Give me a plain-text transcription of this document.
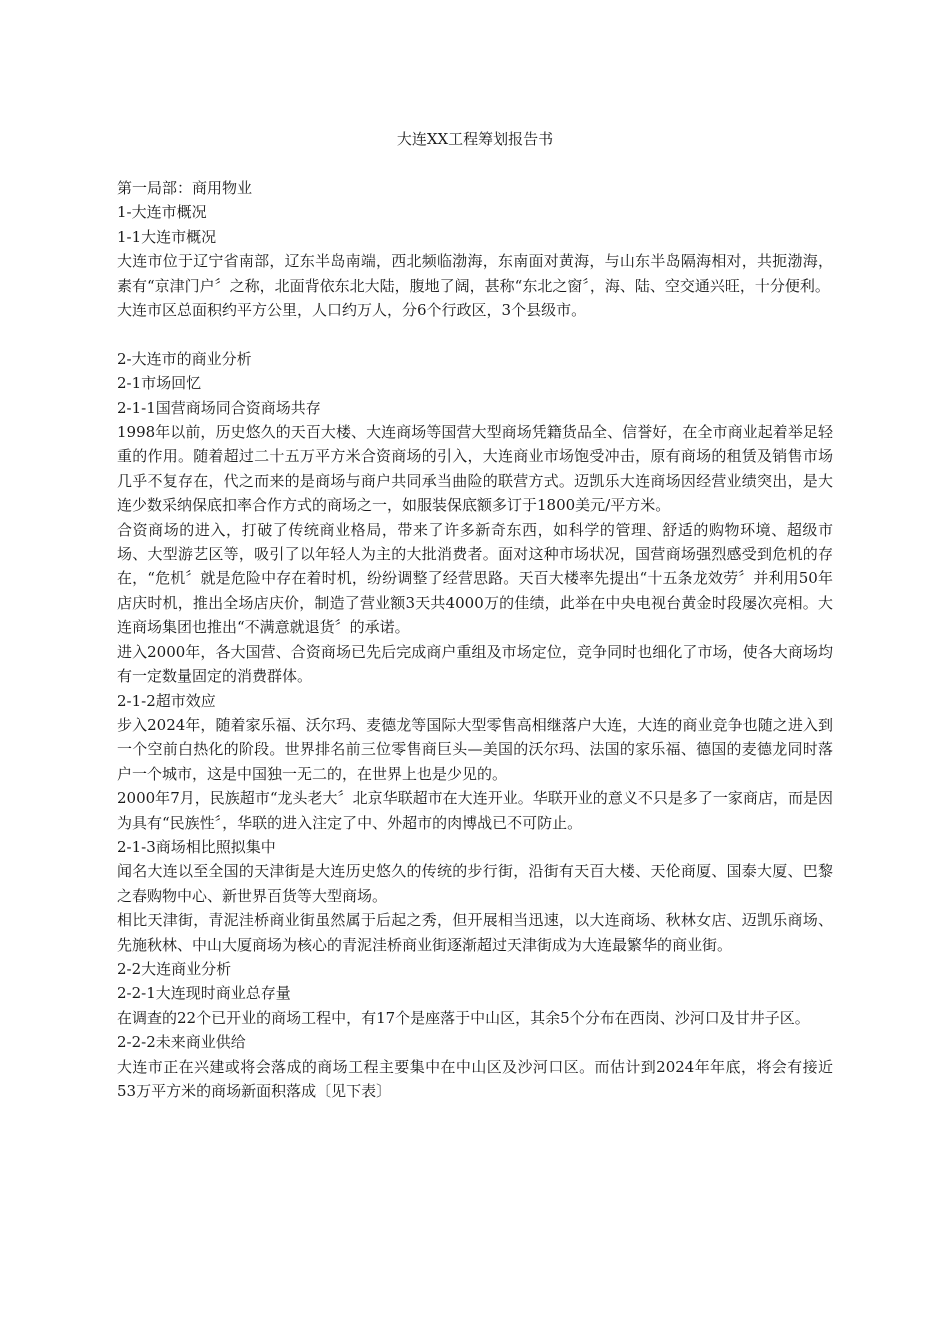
大连XX工程筹划报告书
第一局部：商用物业
1-大连市概况
1-1大连市概况

大连市位于辽宁省南部，辽东半岛南端，西北频临渤海，东南面对黄海，与山东半岛隔海相对，共扼渤海，素有“京津门户〞之称，北面背依东北大陆，腹地了阔，甚称“东北之窗〞，海、陆、空交通兴旺，十分便利。

大连市区总面积约平方公里，人口约万人，分6个行政区，3个县级市。

2-大连市的商业分析
2-1市场回忆
2-1-1国营商场同合资商场共存

1998年以前，历史悠久的天百大楼、大连商场等国营大型商场凭籍货品全、信誉好，在全市商业起着举足轻重的作用。随着超过二十五万平方米合资商场的引入，大连商业市场饱受冲击，原有商场的租赁及销售市场几乎不复存在，代之而来的是商场与商户共同承当曲险的联营方式。迈凯乐大连商场因经营业绩突出，是大连少数采纳保底扣率合作方式的商场之一，如服装保底额多订于1800美元/平方米。

合资商场的进入，打破了传统商业格局，带来了许多新奇东西，如科学的管理、舒适的购物环境、超级市场、大型游艺区等，吸引了以年轻人为主的大批消费者。面对这种市场状况，国营商场强烈感受到危机的存在，“危机〞就是危险中存在着时机，纷纷调整了经营思路。天百大楼率先提出“十五条龙效劳〞并利用50年店庆时机，推出全场店庆价，制造了营业额3天共4000万的佳绩，此举在中央电视台黄金时段屡次亮相。大连商场集团也推出“不满意就退货〞的承诺。

进入2000年，各大国营、合资商场已先后完成商户重组及市场定位，竞争同时也细化了市场，使各大商场均有一定数量固定的消费群体。

2-1-2超市效应

步入2024年，随着家乐福、沃尔玛、麦德龙等国际大型零售高相继落户大连，大连的商业竞争也随之进入到一个空前白热化的阶段。世界排名前三位零售商巨头—美国的沃尔玛、法国的家乐福、德国的麦德龙同时落户一个城市，这是中国独一无二的，在世界上也是少见的。

2000年7月，民族超市“龙头老大〞北京华联超市在大连开业。华联开业的意义不只是多了一家商店，而是因为具有“民族性〞，华联的进入注定了中、外超市的肉博战已不可防止。

2-1-3商场相比照拟集中

闻名大连以至全国的天津街是大连历史悠久的传统的步行街，沿街有天百大楼、天伦商厦、国泰大厦、巴黎之春购物中心、新世界百货等大型商场。

相比天津街，青泥洼桥商业街虽然属于后起之秀，但开展相当迅速，以大连商场、秋林女店、迈凯乐商场、先施秋林、中山大厦商场为核心的青泥洼桥商业街逐渐超过天津街成为大连最繁华的商业街。

2-2大连商业分析
2-2-1大连现时商业总存量

在调查的22个已开业的商场工程中，有17个是座落于中山区，其余5个分布在西岗、沙河口及甘井子区。

2-2-2未来商业供给

大连市正在兴建或将会落成的商场工程主要集中在中山区及沙河口区。而估计到2024年年底，将会有接近53万平方米的商场新面积落成〔见下表〕
